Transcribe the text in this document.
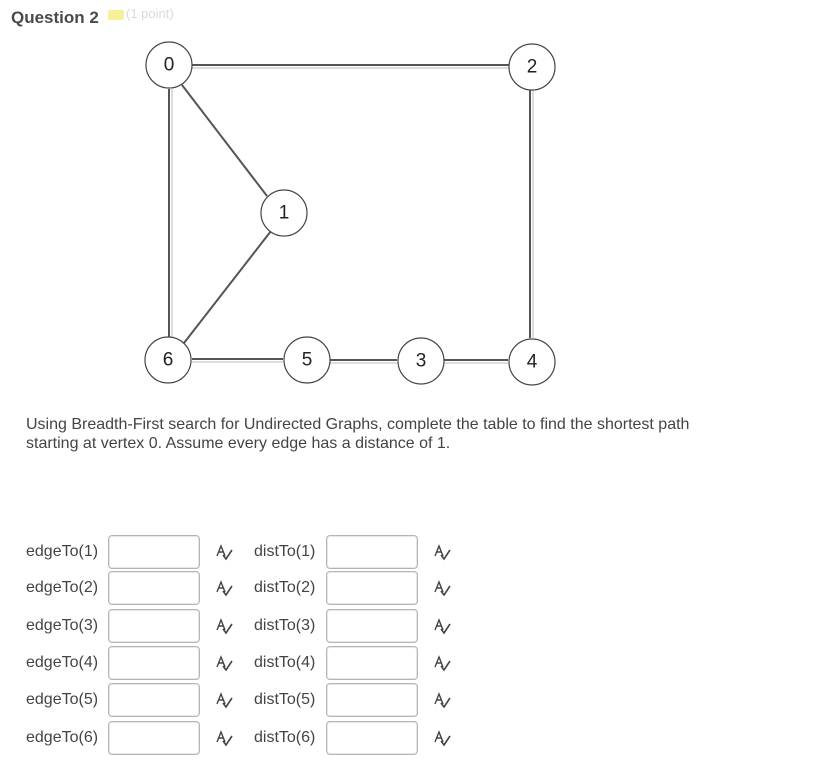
Question 2	(1 point)
0	2
1
6	5	3	4
Using Breadth-First search for Undirected Graphs, complete the table to find the shortest path starting at vertex 0. Assume every edge has a distance of 1.
edgeTo(1)	distTo(1)
edgeTo(2)	distTo(2)
edgeTo(3)	distTo(3)
edgeTo(4)	distTo(4)
edgeTo(5)	distTo(5)
edgeTo(6)	distTo(6)
